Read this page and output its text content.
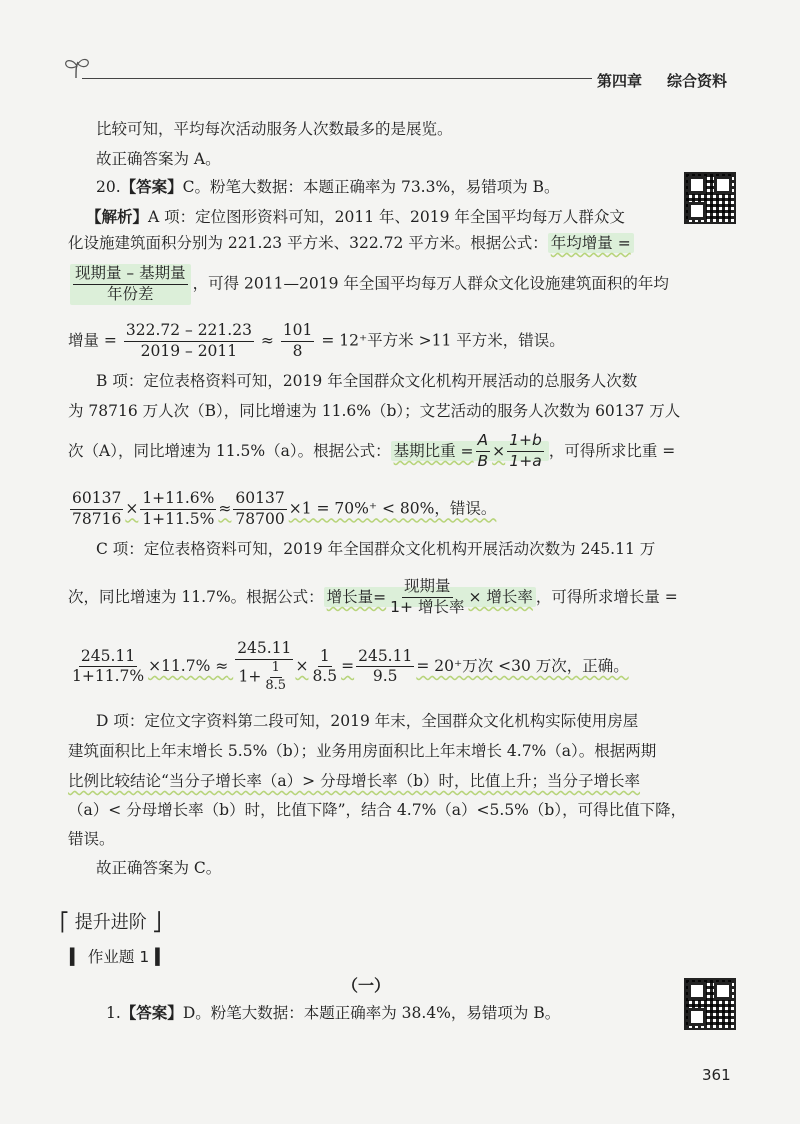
第四章 综合资料
比较可知，平均每次活动服务人次数最多的是展览。
故正确答案为 A。
20.【答案】C。粉笔大数据：本题正确率为 73.3%，易错项为 B。
【解析】A 项：定位图形资料可知，2011 年、2019 年全国平均每万人群众文
化设施建筑面积分别为 221.23 平方米、322.72 平方米。根据公式： 年均增量 =
$\frac{\text{现期量 – 基期量}}{\text{年份差}}$ ，可得 2011—2019 年全国平均每万人群众文化设施建筑面积的年均
增量 = $\frac{322.72 - 221.23}{2019 - 2011} \approx \frac{101}{8} = 12^+$平方米 >11 平方米，错误。
B 项：定位表格资料可知，2019 年全国群众文化机构开展活动的总服务人次数
为 78716 万人次（B），同比增速为 11.6%（b）；文艺活动的服务人次数为 60137 万人
次（A），同比增速为 11.5%（a）。根据公式： 基期比重 = $\frac{A}{B} \times \frac{1+b}{1+a}$ ，可得所求比重 =
$\frac{60137}{78716} \times \frac{1+11.6\%}{1+11.5\%} \approx \frac{60137}{78700} \times 1 = 70\%^+ < 80\%$，错误。
C 项：定位表格资料可知，2019 年全国群众文化机构开展活动次数为 245.11 万
次，同比增速为 11.7%。根据公式： 增长量= $\frac{\text{现期量}}{\text{1+ 增长率}}$ × 增长率 ，可得所求增长量 =
$\frac{245.11}{1+11.7\%} \times 11.7\% \approx \frac{245.11}{1+ \frac{1}{8.5}} \times \frac{1}{8.5} = \frac{245.11}{9.5} = 20^+$万次 <30 万次，正确。
D 项：定位文字资料第二段可知，2019 年末，全国群众文化机构实际使用房屋
建筑面积比上年末增长 5.5%（b）；业务用房面积比上年末增长 4.7%（a）。根据两期
比例比较结论“当分子增长率（a）> 分母增长率（b）时，比值上升；当分子增长率
（a）< 分母增长率（b）时，比值下降”，结合 4.7%（a）<5.5%（b），可得比值下降，
错误。
故正确答案为 C。
⎡ 提升进阶 ⎦
▍ 作业题 1 ▍
（一）
1.【答案】D。粉笔大数据：本题正确率为 38.4%，易错项为 B。
361
